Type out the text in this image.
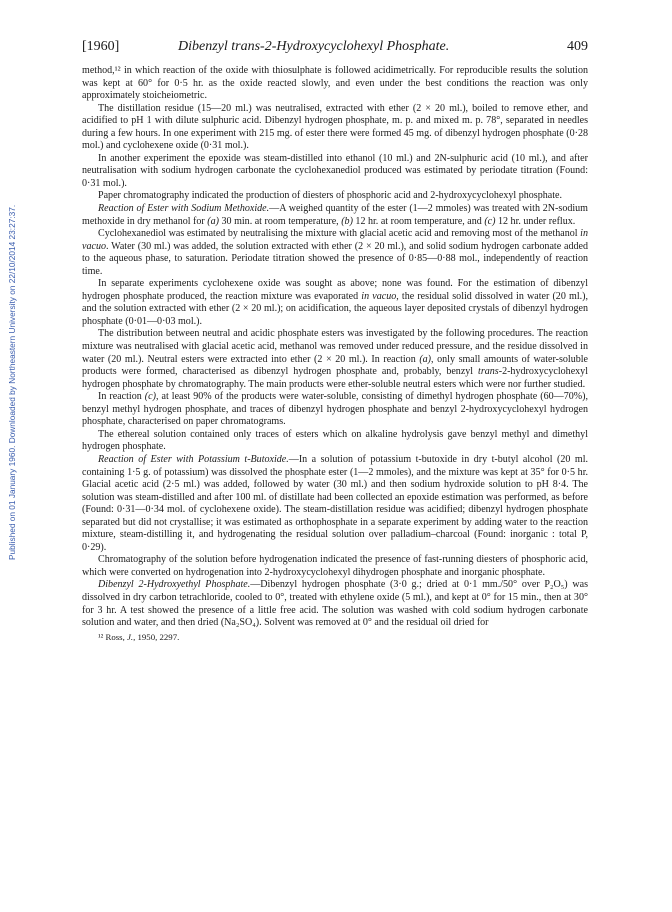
Published on 01 January 1960. Downloaded by Northeastern University on 22/10/2014 23:27:37.
[1960]	Dibenzyl trans-2-Hydroxycyclohexyl Phosphate.	409

method,¹² in which reaction of the oxide with thiosulphate is followed acidimetrically. For reproducible results the solution was kept at 60° for 0·5 hr. as the oxide reacted slowly, and even under the best conditions the reaction was only approximately stoicheiometric.

The distillation residue (15—20 ml.) was neutralised, extracted with ether (2 × 20 ml.), boiled to remove ether, and acidified to pH 1 with dilute sulphuric acid. Dibenzyl hydrogen phosphate, m. p. and mixed m. p. 78°, separated in needles during a few hours. In one experiment with 215 mg. of ester there were formed 45 mg. of dibenzyl hydrogen phosphate (0·28 mol.) and cyclohexene oxide (0·31 mol.).

In another experiment the epoxide was steam-distilled into ethanol (10 ml.) and 2N-sulphuric acid (10 ml.), and after neutralisation with sodium hydrogen carbonate the cyclohexanediol produced was estimated by periodate titration (Found: 0·31 mol.).

Paper chromatography indicated the production of diesters of phosphoric acid and 2-hydroxycyclohexyl phosphate.

Reaction of Ester with Sodium Methoxide.—A weighed quantity of the ester (1—2 mmoles) was treated with 2N-sodium methoxide in dry methanol for (a) 30 min. at room temperature, (b) 12 hr. at room temperature, and (c) 12 hr. under reflux.

Cyclohexanediol was estimated by neutralising the mixture with glacial acetic acid and removing most of the methanol in vacuo. Water (30 ml.) was added, the solution extracted with ether (2 × 20 ml.), and solid sodium hydrogen carbonate added to the aqueous phase, to saturation. Periodate titration showed the presence of 0·85—0·88 mol., independently of reaction time.

In separate experiments cyclohexene oxide was sought as above; none was found. For the estimation of dibenzyl hydrogen phosphate produced, the reaction mixture was evaporated in vacuo, the residual solid dissolved in water (20 ml.), and the solution extracted with ether (2 × 20 ml.); on acidification, the aqueous layer deposited crystals of dibenzyl hydrogen phosphate (0·01—0·03 mol.).

The distribution between neutral and acidic phosphate esters was investigated by the following procedures. The reaction mixture was neutralised with glacial acetic acid, methanol was removed under reduced pressure, and the residue dissolved in water (20 ml.). Neutral esters were extracted into ether (2 × 20 ml.). In reaction (a), only small amounts of water-soluble products were formed, characterised as dibenzyl hydrogen phosphate and, probably, benzyl trans-2-hydroxycyclohexyl hydrogen phosphate by chromatography. The main products were ether-soluble neutral esters which were nor further studied.

In reaction (c), at least 90% of the products were water-soluble, consisting of dimethyl hydrogen phosphate (60—70%), benzyl methyl hydrogen phosphate, and traces of dibenzyl hydrogen phosphate and benzyl 2-hydroxycyclohexyl hydrogen phosphate, characterised on paper chromatograms.

The ethereal solution contained only traces of esters which on alkaline hydrolysis gave benzyl methyl and dimethyl hydrogen phosphate.

Reaction of Ester with Potassium t-Butoxide.—In a solution of potassium t-butoxide in dry t-butyl alcohol (20 ml. containing 1·5 g. of potassium) was dissolved the phosphate ester (1—2 mmoles), and the mixture was kept at 35° for 0·5 hr. Glacial acetic acid (2·5 ml.) was added, followed by water (30 ml.) and then sodium hydroxide solution to pH 8·4. The solution was steam-distilled and after 100 ml. of distillate had been collected an epoxide estimation was performed, as before (Found: 0·31—0·34 mol. of cyclohexene oxide). The steam-distillation residue was acidified; dibenzyl hydrogen phosphate separated but did not crystallise; it was estimated as orthophosphate in a separate experiment by adding water to the reaction mixture, steam-distilling it, and hydrogenating the residual solution over palladium–charcoal (Found: inorganic : total P, 0·29).

Chromatography of the solution before hydrogenation indicated the presence of fast-running diesters of phosphoric acid, which were converted on hydrogenation into 2-hydroxycyclohexyl dihydrogen phosphate and inorganic phosphate.

Dibenzyl 2-Hydroxyethyl Phosphate.—Dibenzyl hydrogen phosphate (3·0 g.; dried at 0·1 mm./50° over P₂O₅) was dissolved in dry carbon tetrachloride, cooled to 0°, treated with ethylene oxide (5 ml.), and kept at 0° for 15 min., then at 30° for 3 hr. A test showed the presence of a little free acid. The solution was washed with cold sodium hydrogen carbonate solution and water, and then dried (Na₂SO₄). Solvent was removed at 0° and the residual oil dried for

¹² Ross, J., 1950, 2297.
